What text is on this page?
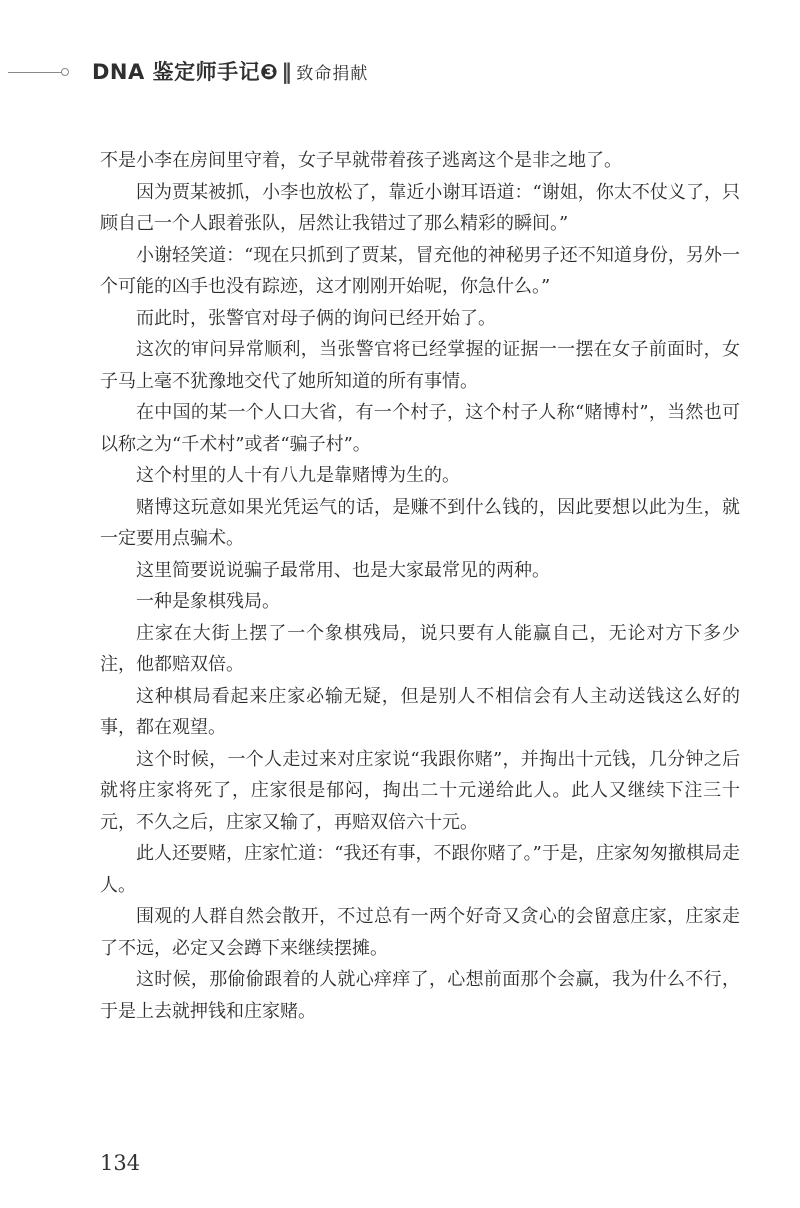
DNA 鉴定师手记❸ ‖ 致命捐献

不是小李在房间里守着，女子早就带着孩子逃离这个是非之地了。

因为贾某被抓，小李也放松了，靠近小谢耳语道：“谢姐，你太不仗义了，只顾自己一个人跟着张队，居然让我错过了那么精彩的瞬间。”

小谢轻笑道：“现在只抓到了贾某，冒充他的神秘男子还不知道身份，另外一个可能的凶手也没有踪迹，这才刚刚开始呢，你急什么。”

而此时，张警官对母子俩的询问已经开始了。

这次的审问异常顺利，当张警官将已经掌握的证据一一摆在女子前面时，女子马上毫不犹豫地交代了她所知道的所有事情。

在中国的某一个人口大省，有一个村子，这个村子人称“赌博村”，当然也可以称之为“千术村”或者“骗子村”。

这个村里的人十有八九是靠赌博为生的。

赌博这玩意如果光凭运气的话，是赚不到什么钱的，因此要想以此为生，就一定要用点骗术。

这里简要说说骗子最常用、也是大家最常见的两种。

一种是象棋残局。

庄家在大街上摆了一个象棋残局，说只要有人能赢自己，无论对方下多少注，他都赔双倍。

这种棋局看起来庄家必输无疑，但是别人不相信会有人主动送钱这么好的事，都在观望。

这个时候，一个人走过来对庄家说“我跟你赌”，并掏出十元钱，几分钟之后就将庄家将死了，庄家很是郁闷，掏出二十元递给此人。此人又继续下注三十元，不久之后，庄家又输了，再赔双倍六十元。

此人还要赌，庄家忙道：“我还有事，不跟你赌了。”于是，庄家匆匆撤棋局走人。

围观的人群自然会散开，不过总有一两个好奇又贪心的会留意庄家，庄家走了不远，必定又会蹲下来继续摆摊。

这时候，那偷偷跟着的人就心痒痒了，心想前面那个会赢，我为什么不行，于是上去就押钱和庄家赌。

134
